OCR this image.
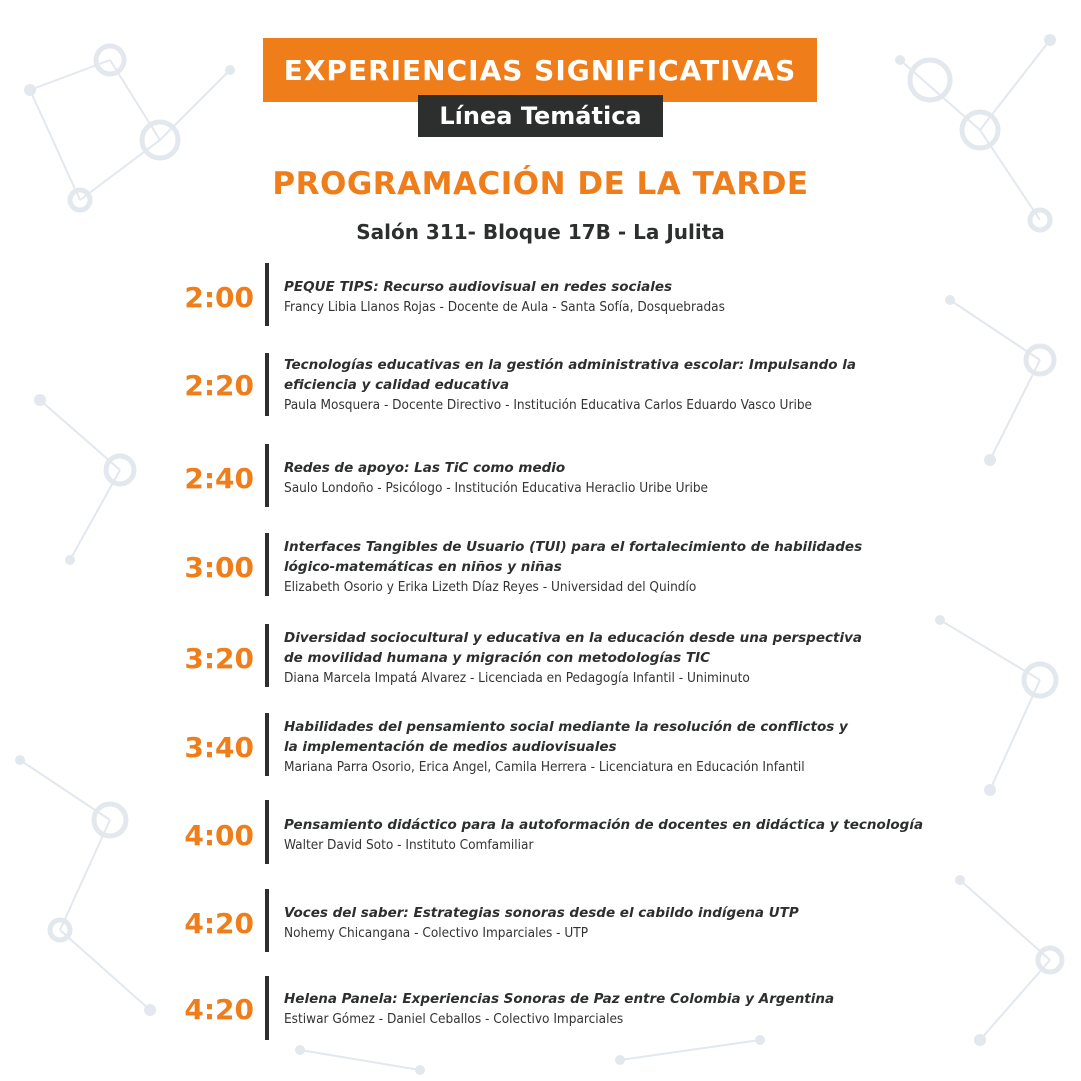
EXPERIENCIAS SIGNIFICATIVAS
Línea Temática
PROGRAMACIÓN DE LA TARDE
Salón 311- Bloque 17B - La Julita
2:00 PEQUE TIPS: Recurso audiovisual en redes sociales
Francy Libia Llanos Rojas - Docente de Aula - Santa Sofía, Dosquebradas
2:20
Tecnologías educativas en la gestión administrativa escolar: Impulsando la
eficiencia y calidad educativa
Paula Mosquera - Docente Directivo - Institución Educativa Carlos Eduardo Vasco Uribe
2:40 Redes de apoyo: Las TiC como medio
Saulo Londoño - Psicólogo - Institución Educativa Heraclio Uribe Uribe
3:00
Interfaces Tangibles de Usuario (TUI) para el fortalecimiento de habilidades
lógico-matemáticas en niños y niñas
Elizabeth Osorio y Erika Lizeth Díaz Reyes - Universidad del Quindío
3:20
Diversidad sociocultural y educativa en la educación desde una perspectiva
de movilidad humana y migración con metodologías TIC
Diana Marcela Impatá Alvarez - Licenciada en Pedagogía Infantil - Uniminuto
3:40
Habilidades del pensamiento social mediante la resolución de conflictos y
la implementación de medios audiovisuales
Mariana Parra Osorio, Erica Angel, Camila Herrera - Licenciatura en Educación Infantil
4:00 Pensamiento didáctico para la autoformación de docentes en didáctica y tecnología
Walter David Soto - Instituto Comfamiliar
4:20 Voces del saber: Estrategias sonoras desde el cabildo indígena UTP
Nohemy Chicangana - Colectivo Imparciales - UTP
4:20 Helena Panela: Experiencias Sonoras de Paz entre Colombia y Argentina
Estiwar Gómez - Daniel Ceballos - Colectivo Imparciales
